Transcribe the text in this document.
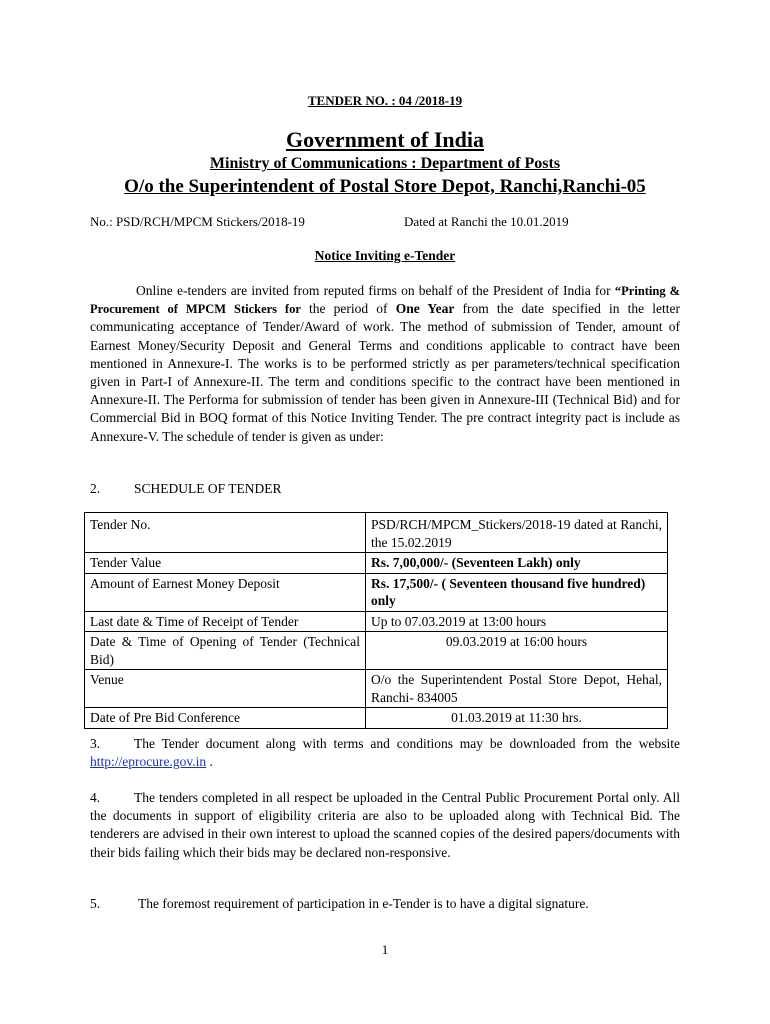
TENDER NO. : 04 /2018-19
Government of India
Ministry of Communications : Department of Posts
O/o the Superintendent of Postal Store Depot, Ranchi,Ranchi-05
No.: PSD/RCH/MPCM Stickers/2018-19	Dated at Ranchi the 10.01.2019
Notice Inviting e-Tender
Online e-tenders are invited from reputed firms on behalf of the President of India for “Printing & Procurement of MPCM Stickers for the period of One Year from the date specified in the letter communicating acceptance of Tender/Award of work. The method of submission of Tender, amount of Earnest Money/Security Deposit and General Terms and conditions applicable to contract have been mentioned in Annexure-I. The works is to be performed strictly as per parameters/technical specification given in Part-I of Annexure-II. The term and conditions specific to the contract have been mentioned in Annexure-II. The Performa for submission of tender has been given in Annexure-III (Technical Bid) and for Commercial Bid in BOQ format of this Notice Inviting Tender. The pre contract integrity pact is include as Annexure-V. The schedule of tender is given as under:
2.	SCHEDULE OF TENDER
Tender No.	PSD/RCH/MPCM_Stickers/2018-19 dated at Ranchi, the 15.02.2019
Tender Value	Rs. 7,00,000/- (Seventeen Lakh) only
Amount of Earnest Money Deposit	Rs. 17,500/- ( Seventeen thousand five hundred) only
Last date & Time of Receipt of Tender	Up to 07.03.2019 at 13:00 hours
Date & Time of Opening of Tender (Technical Bid)	09.03.2019 at 16:00 hours
Venue	O/o the Superintendent Postal Store Depot, Hehal, Ranchi- 834005
Date of Pre Bid Conference	01.03.2019 at 11:30 hrs.
3.	The Tender document along with terms and conditions may be downloaded from the website http://eprocure.gov.in .
4.	The tenders completed in all respect be uploaded in the Central Public Procurement Portal only. All the documents in support of eligibility criteria are also to be uploaded along with Technical Bid. The tenderers are advised in their own interest to upload the scanned copies of the desired papers/documents with their bids failing which their bids may be declared non-responsive.
5.	The foremost requirement of participation in e-Tender is to have a digital signature.
1
